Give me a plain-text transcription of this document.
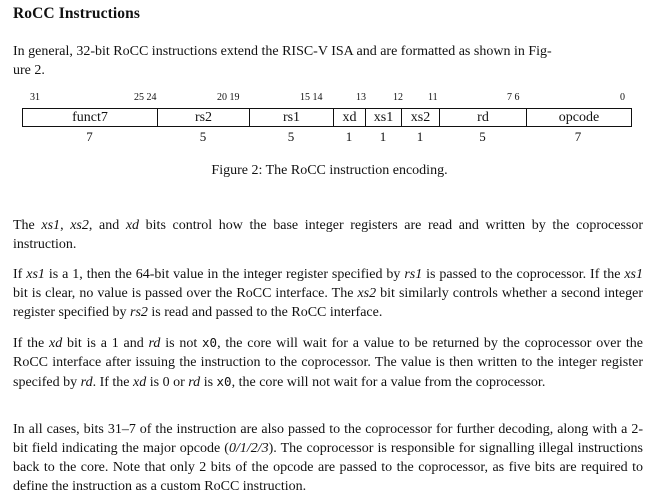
RoCC Instructions
In general, 32-bit RoCC instructions extend the RISC-V ISA and are formatted as shown in Fig-
ure 2.
31	25 24	20 19	15 14	13	12	11	7 6	0
funct7	rs2	rs1	xd	xs1	xs2	rd	opcode
7	5	5	1	1	1	5	7

Figure 2: The RoCC instruction encoding.

The xs1, xs2, and xd bits control how the base integer registers are read and written by the coprocessor instruction.

If xs1 is a 1, then the 64-bit value in the integer register specified by rs1 is passed to the coprocessor. If the xs1 bit is clear, no value is passed over the RoCC interface. The xs2 bit similarly controls whether a second integer register specified by rs2 is read and passed to the RoCC interface.

If the xd bit is a 1 and rd is not x0, the core will wait for a value to be returned by the coprocessor over the RoCC interface after issuing the instruction to the coprocessor. The value is then written to the integer register specifed by rd. If the xd is 0 or rd is x0, the core will not wait for a value from the coprocessor.

In all cases, bits 31–7 of the instruction are also passed to the coprocessor for further decoding, along with a 2-bit field indicating the major opcode (0/1/2/3). The coprocessor is responsible for signalling illegal instructions back to the core. Note that only 2 bits of the opcode are passed to the coprocessor, as five bits are required to define the instruction as a custom RoCC instruction.
